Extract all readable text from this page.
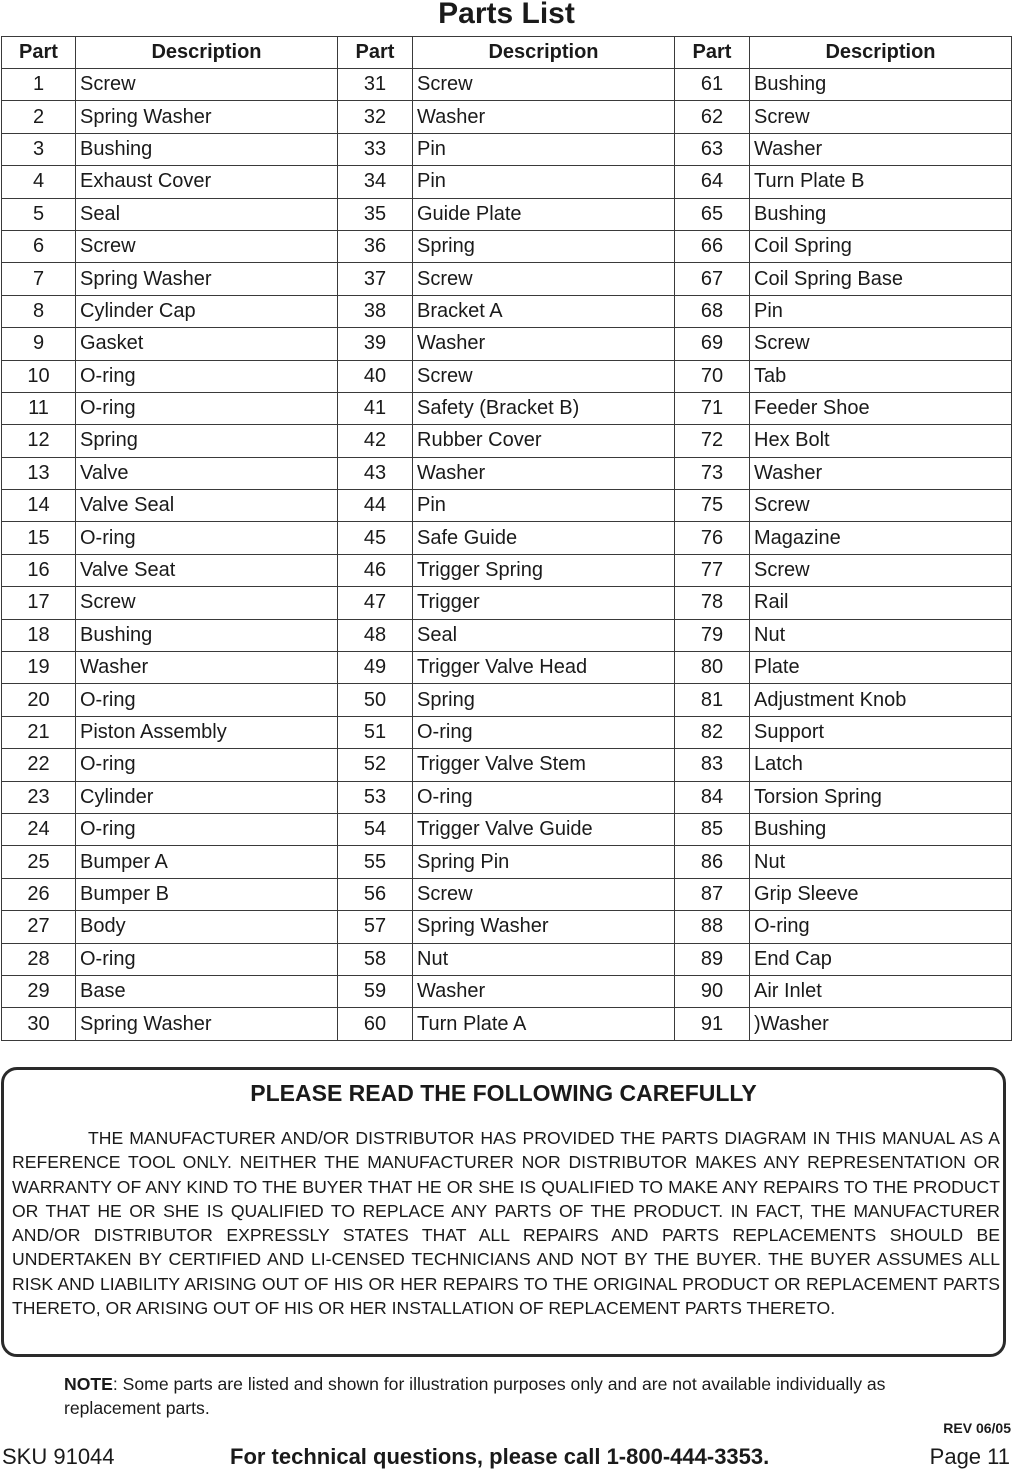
Parts List
Part	Description	Part	Description	Part	Description
1	Screw	31	Screw	61	Bushing
2	Spring Washer	32	Washer	62	Screw
3	Bushing	33	Pin	63	Washer
4	Exhaust Cover	34	Pin	64	Turn Plate B
5	Seal	35	Guide Plate	65	Bushing
6	Screw	36	Spring	66	Coil Spring
7	Spring Washer	37	Screw	67	Coil Spring Base
8	Cylinder Cap	38	Bracket A	68	Pin
9	Gasket	39	Washer	69	Screw
10	O-ring	40	Screw	70	Tab
11	O-ring	41	Safety (Bracket B)	71	Feeder Shoe
12	Spring	42	Rubber Cover	72	Hex Bolt
13	Valve	43	Washer	73	Washer
14	Valve Seal	44	Pin	75	Screw
15	O-ring	45	Safe Guide	76	Magazine
16	Valve Seat	46	Trigger Spring	77	Screw
17	Screw	47	Trigger	78	Rail
18	Bushing	48	Seal	79	Nut
19	Washer	49	Trigger Valve Head	80	Plate
20	O-ring	50	Spring	81	Adjustment Knob
21	Piston Assembly	51	O-ring	82	Support
22	O-ring	52	Trigger Valve Stem	83	Latch
23	Cylinder	53	O-ring	84	Torsion Spring
24	O-ring	54	Trigger Valve Guide	85	Bushing
25	Bumper A	55	Spring Pin	86	Nut
26	Bumper B	56	Screw	87	Grip Sleeve
27	Body	57	Spring Washer	88	O-ring
28	O-ring	58	Nut	89	End Cap
29	Base	59	Washer	90	Air Inlet
30	Spring Washer	60	Turn Plate A	91	)Washer
PLEASE READ THE FOLLOWING CAREFULLY
THE MANUFACTURER AND/OR DISTRIBUTOR HAS PROVIDED THE PARTS DIAGRAM IN THIS MANUAL AS A REFERENCE TOOL ONLY. NEITHER THE MANUFACTURER NOR DISTRIBUTOR MAKES ANY REPRESENTATION OR WARRANTY OF ANY KIND TO THE BUYER THAT HE OR SHE IS QUALIFIED TO MAKE ANY REPAIRS TO THE PRODUCT OR THAT HE OR SHE IS QUALIFIED TO REPLACE ANY PARTS OF THE PRODUCT. IN FACT, THE MANUFACTURER AND/OR DISTRIBUTOR EXPRESSLY STATES THAT ALL REPAIRS AND PARTS REPLACEMENTS SHOULD BE UNDERTAKEN BY CERTIFIED AND LI-CENSED TECHNICIANS AND NOT BY THE BUYER. THE BUYER ASSUMES ALL RISK AND LIABILITY ARISING OUT OF HIS OR HER REPAIRS TO THE ORIGINAL PRODUCT OR REPLACEMENT PARTS THERETO, OR ARISING OUT OF HIS OR HER INSTALLATION OF REPLACEMENT PARTS THERETO.
NOTE: Some parts are listed and shown for illustration purposes only and are not available individually as replacement parts.
REV 06/05
SKU 91044	For technical questions, please call 1-800-444-3353.	Page 11
